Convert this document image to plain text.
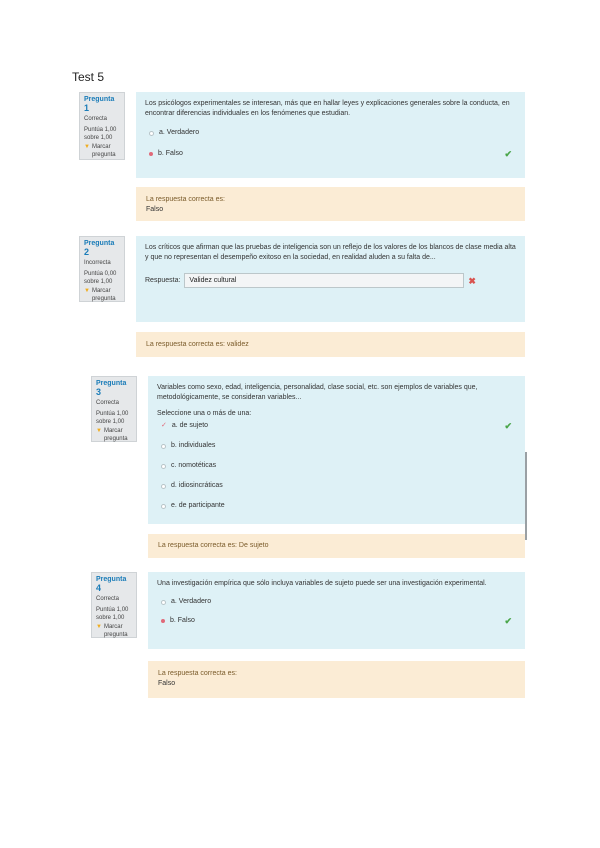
Test 5
Pregunta 1
Correcta
Puntúa 1,00 sobre 1,00
▼ Marcar pregunta
Los psicólogos experimentales se interesan, más que en hallar leyes y explicaciones generales sobre la conducta, en encontrar diferencias individuales en los fenómenes que estudian.
a. Verdadero
b. Falso	✔
La respuesta correcta es:
Falso
Pregunta 2
Incorrecta
Puntúa 0,00 sobre 1,00
▼ Marcar pregunta
Los críticos que afirman que las pruebas de inteligencia son un reflejo de los valores de los blancos de clase media alta y que no representan el desempeño exitoso en la sociedad, en realidad aluden a su falta de...
Respuesta:	Validez cultural	✖
La respuesta correcta es: validez
Pregunta 3
Correcta
Puntúa 1,00 sobre 1,00
▼ Marcar pregunta
Variables como sexo, edad, inteligencia, personalidad, clase social, etc. son ejemplos de variables que, metodológicamente, se consideran variables...
Seleccione una o más de una:
✓ a. de sujeto	✔
b. individuales
c. nomotéticas
d. idiosincráticas
e. de participante
La respuesta correcta es: De sujeto
Pregunta 4
Correcta
Puntúa 1,00 sobre 1,00
▼ Marcar pregunta
Una investigación empírica que sólo incluya variables de sujeto puede ser una investigación experimental.
a. Verdadero
b. Falso	✔
La respuesta correcta es:
Falso
